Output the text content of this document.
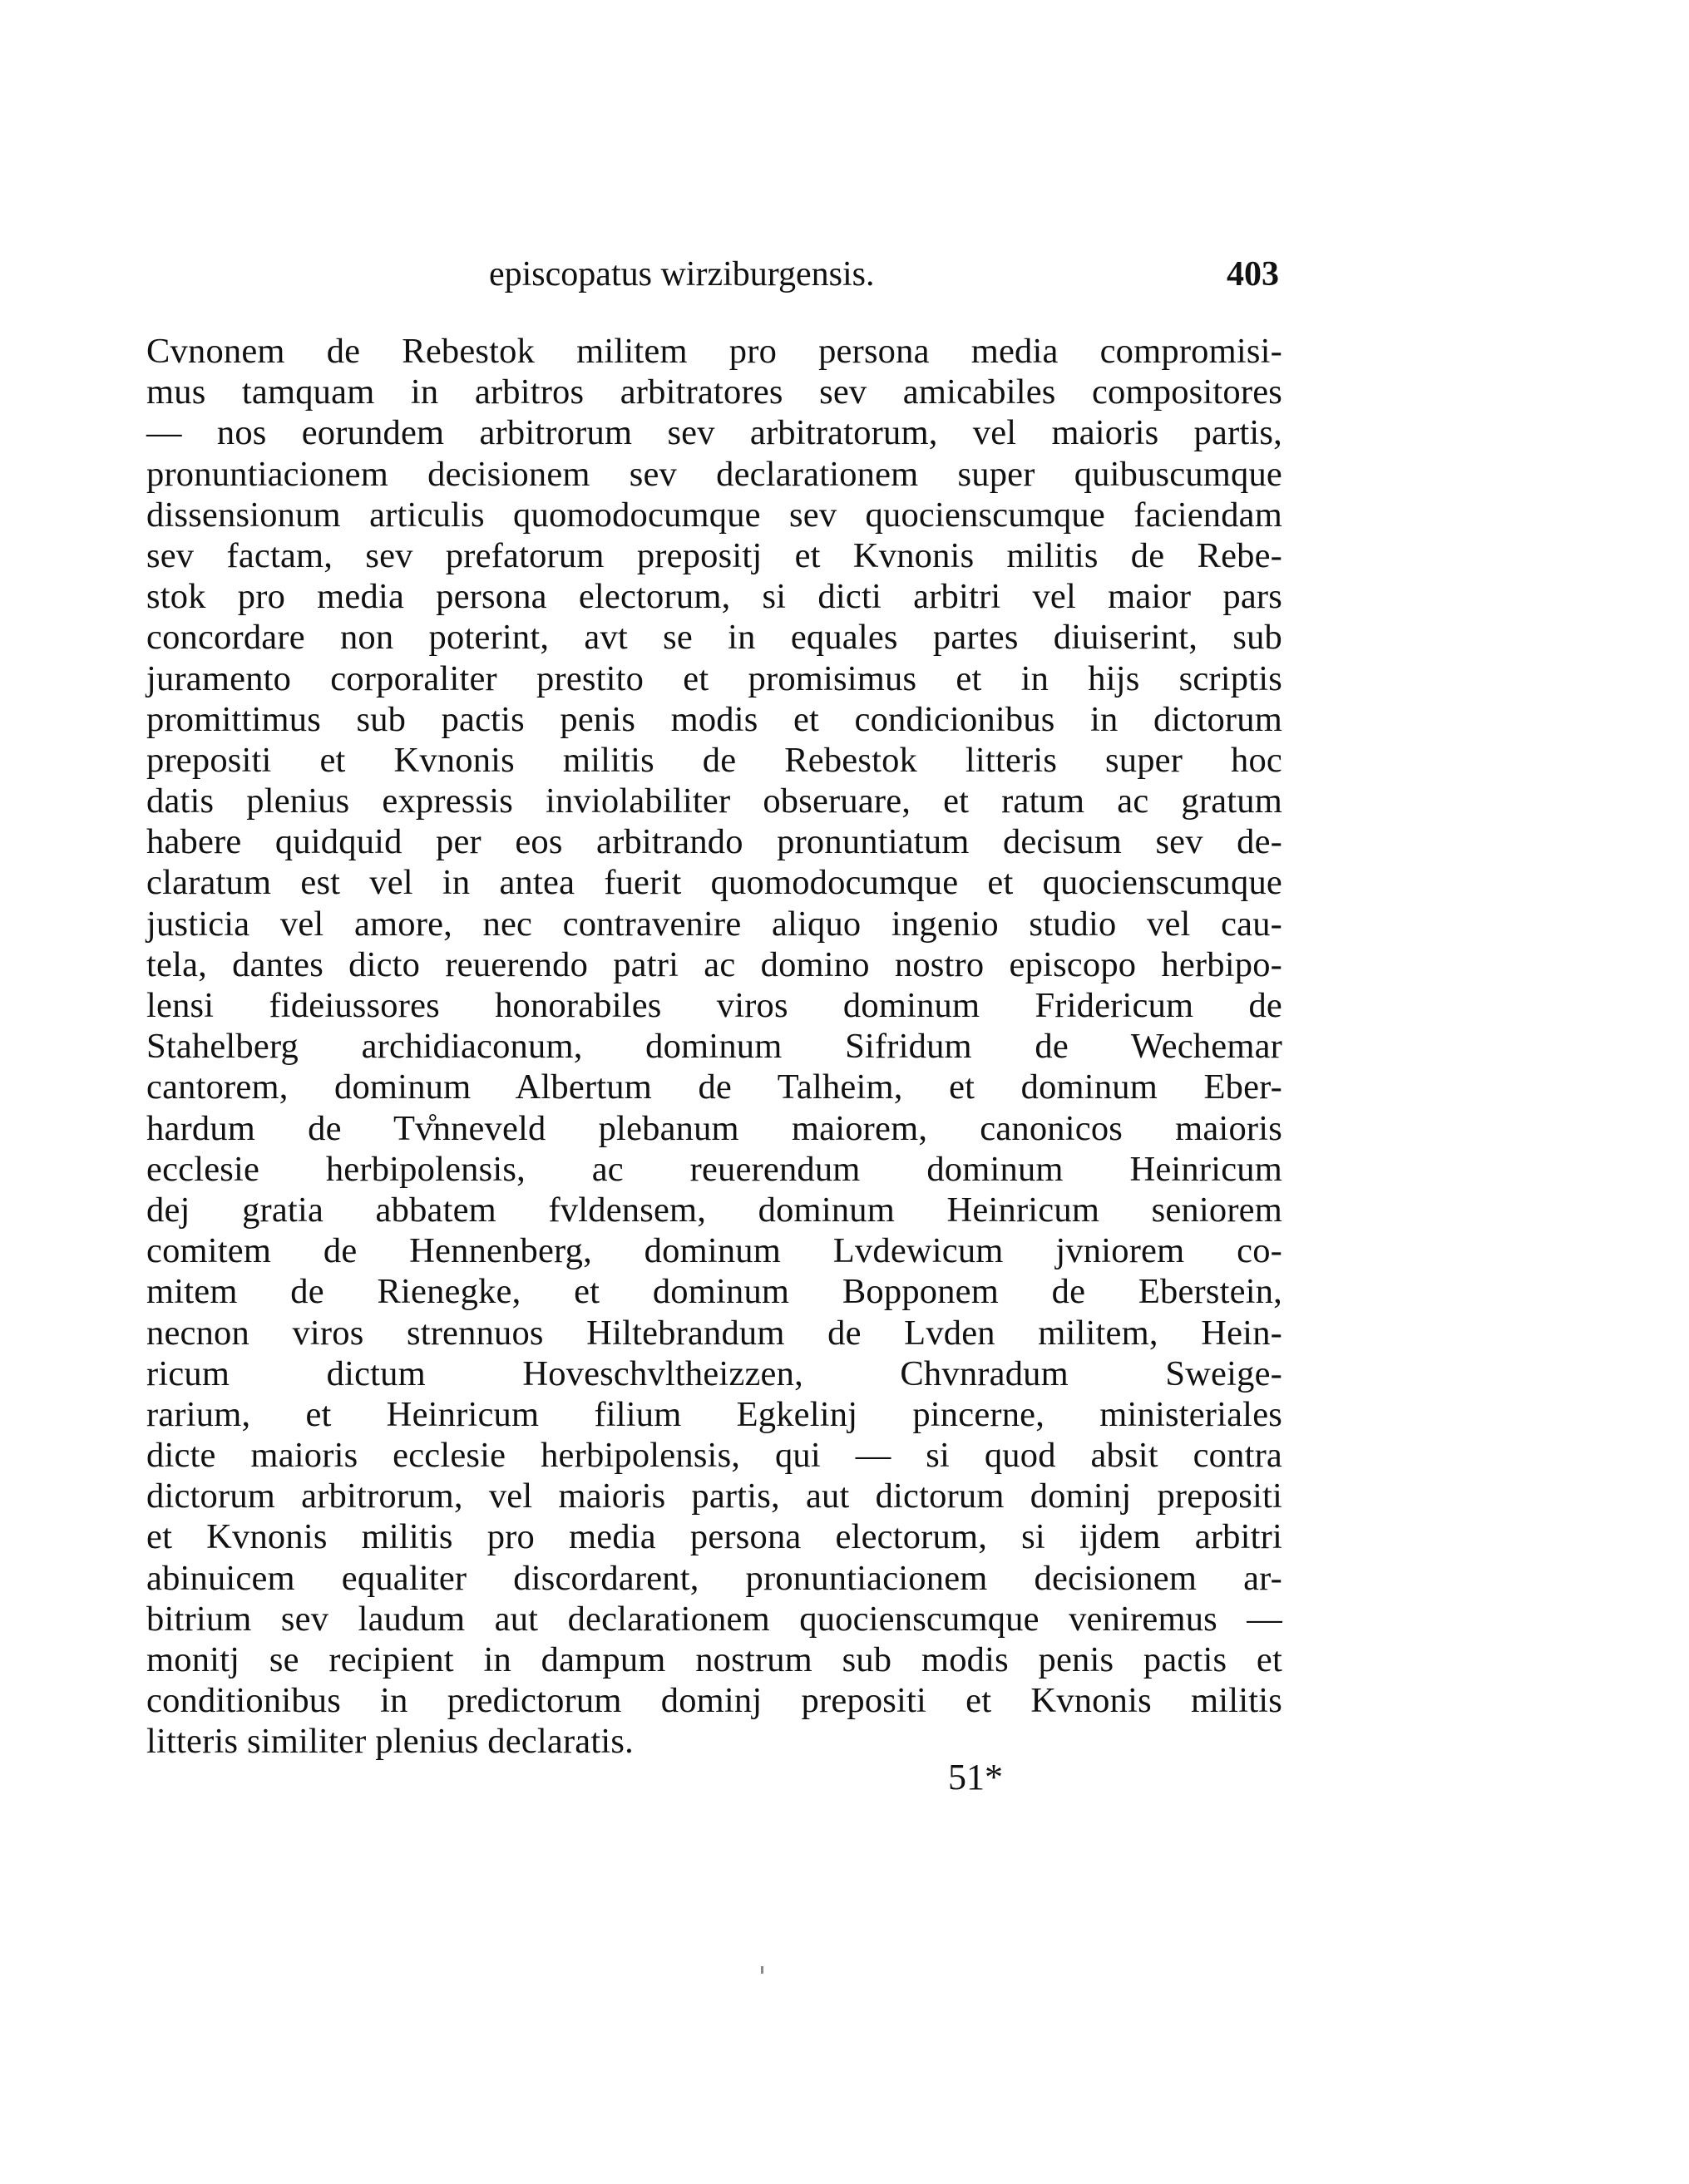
episcopatus wirziburgensis.	403
Cvnonem de Rebestok militem pro persona media compromisi-
mus tamquam in arbitros arbitratores sev amicabiles compositores
— nos eorundem arbitrorum sev arbitratorum, vel maioris partis,
pronuntiacionem decisionem sev declarationem super quibuscumque
dissensionum articulis quomodocumque sev quocienscumque faciendam
sev factam, sev prefatorum prepositj et Kvnonis militis de Rebe-
stok pro media persona electorum, si dicti arbitri vel maior pars
concordare non poterint, avt se in equales partes diuiserint, sub
juramento corporaliter prestito et promisimus et in hijs scriptis
promittimus sub pactis penis modis et condicionibus in dictorum
prepositi et Kvnonis militis de Rebestok litteris super hoc
datis plenius expressis inviolabiliter obseruare, et ratum ac gratum
habere quidquid per eos arbitrando pronuntiatum decisum sev de-
claratum est vel in antea fuerit quomodocumque et quocienscumque
justicia vel amore, nec contravenire aliquo ingenio studio vel cau-
tela, dantes dicto reuerendo patri ac domino nostro episcopo herbipo-
lensi fideiussores honorabiles viros dominum Fridericum de
Stahelberg archidiaconum, dominum Sifridum de Wechemar
cantorem, dominum Albertum de Talheim, et dominum Eber-
hardum de Tv̊nneveld plebanum maiorem, canonicos maioris
ecclesie herbipolensis, ac reuerendum dominum Heinricum
dej gratia abbatem fvldensem, dominum Heinricum seniorem
comitem de Hennenberg, dominum Lvdewicum jvniorem co-
mitem de Rienegke, et dominum Bopponem de Eberstein,
necnon viros strennuos Hiltebrandum de Lvden militem, Hein-
ricum dictum Hoveschvltheizzen, Chvnradum Sweige-
rarium, et Heinricum filium Egkelinj pincerne, ministeriales
dicte maioris ecclesie herbipolensis, qui — si quod absit contra
dictorum arbitrorum, vel maioris partis, aut dictorum dominj prepositi
et Kvnonis militis pro media persona electorum, si ijdem arbitri
abinuicem equaliter discordarent, pronuntiacionem decisionem ar-
bitrium sev laudum aut declarationem quocienscumque veniremus —
monitj se recipient in dampum nostrum sub modis penis pactis et
conditionibus in predictorum dominj prepositi et Kvnonis militis
litteris similiter plenius declaratis.
51*
